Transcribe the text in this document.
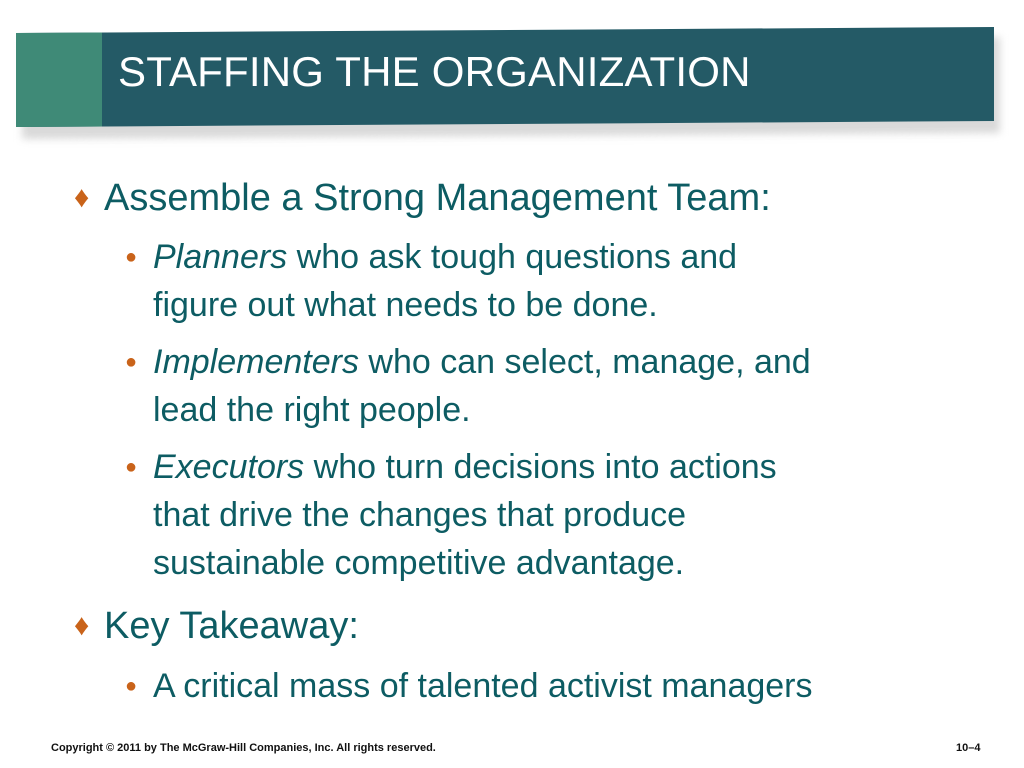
STAFFING THE ORGANIZATION
♦ Assemble a Strong Management Team:
● Planners who ask tough questions and
figure out what needs to be done.
● Implementers who can select, manage, and
lead the right people.
● Executors who turn decisions into actions
that drive the changes that produce
sustainable competitive advantage.
♦ Key Takeaway:
● A critical mass of talented activist managers
Copyright © 2011 by The McGraw-Hill Companies, Inc. All rights reserved.	10–4
